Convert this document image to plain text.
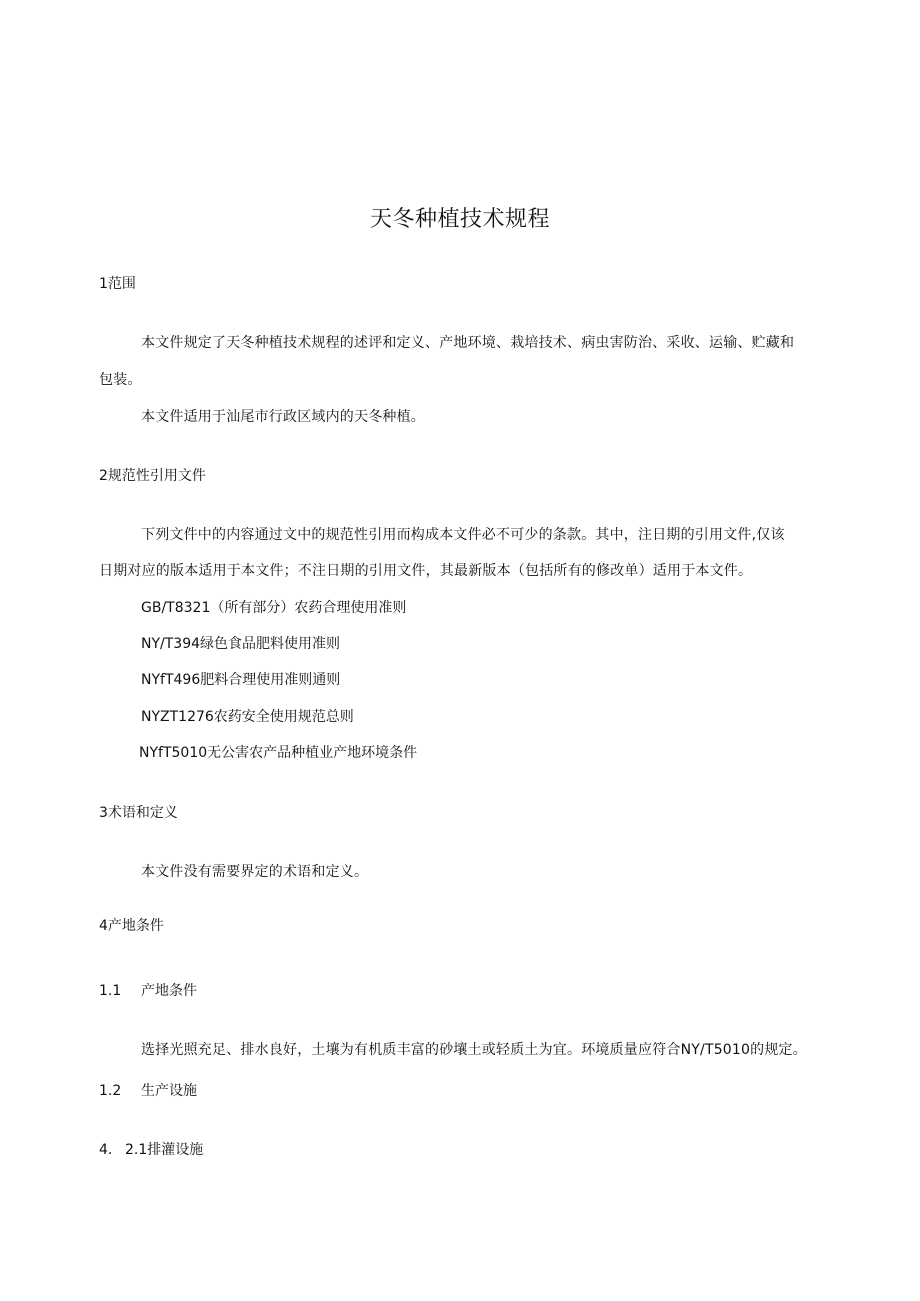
天冬种植技术规程
1范围
本文件规定了天冬种植技术规程的述评和定义、产地环境、栽培技术、病虫害防治、采收、运输、贮藏和
包装。
本文件适用于汕尾市行政区域内的天冬种植。
2规范性引用文件
下列文件中的内容通过文中的规范性引用而构成本文件必不可少的条款。其中，注日期的引用文件,仅该
日期对应的版本适用于本文件；不注日期的引用文件，其最新版本（包括所有的修改单）适用于本文件。
GB/T8321（所有部分）农药合理使用准则
NY/T394绿色食品肥料使用准则
NYfT496肥料合理使用准则通则
NYZT1276农药安全使用规范总则
NYfT5010无公害农产品种植业产地环境条件
3术语和定义
本文件没有需要界定的术语和定义。
4产地条件
1.1 产地条件
选择光照充足、排水良好，土壤为有机质丰富的砂壤土或轻质土为宜。环境质量应符合NY/T5010的规定。
1.2 生产设施
4. 2.1排灌设施
